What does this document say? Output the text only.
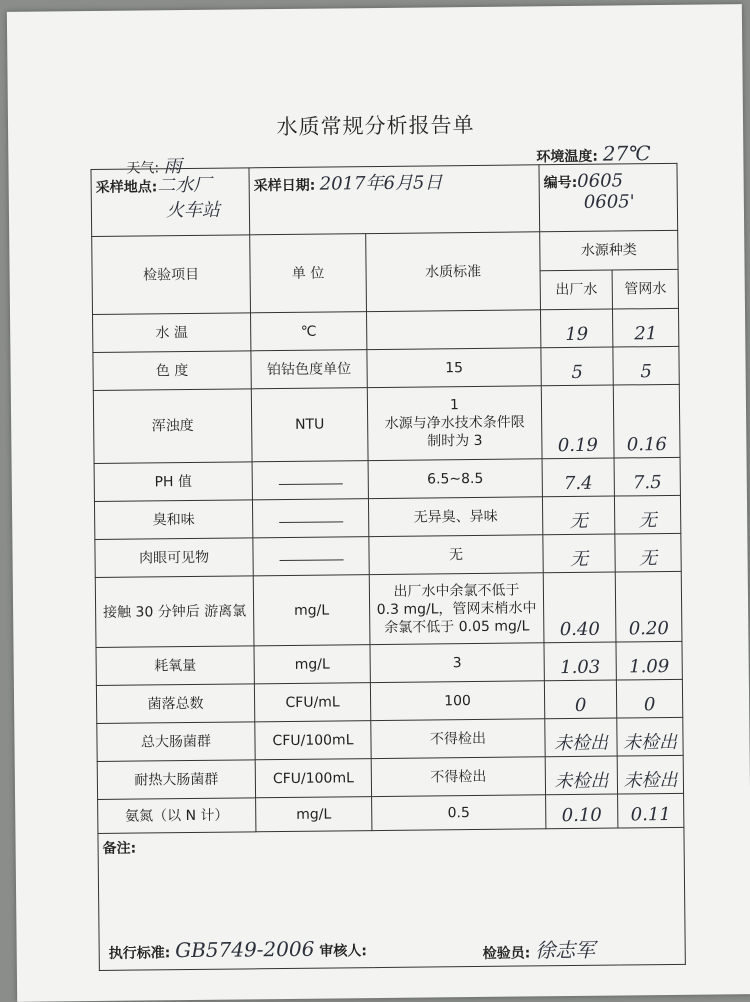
水质常规分析报告单
天气: 雨	环境温度: 27℃
采样地点:二水厂
火车站	采样日期: 2017年6月5日		编号:0605
0605'	

检验项目	单 位	水质标准	水源种类	
			出厂水	管网水
水 温	℃		19	21
色 度	铂钴色度单位	15	5	5
浑浊度	NTU	1
水源与净水技术条件限
制时为 3	0.19	0.16
PH 值		6.5~8.5	7.4	7.5
臭和味		无异臭、异味	无	无
肉眼可见物		无	无	无
接触 30 分钟后 游离氯	mg/L	出厂水中余氯不低于
0.3 mg/L，管网末梢水中
余氯不低于 0.05 mg/L	0.40	0.20
耗氧量	mg/L	3	1.03	1.09
菌落总数	CFU/mL	100	0	0
总大肠菌群	CFU/100mL	不得检出	未检出	未检出
耐热大肠菌群	CFU/100mL	不得检出	未检出	未检出
氨氮（以 N 计）	mg/L	0.5	0.10	0.11
备注:				
执行标准: GB5749-2006 审核人:	检验员: 徐志军
